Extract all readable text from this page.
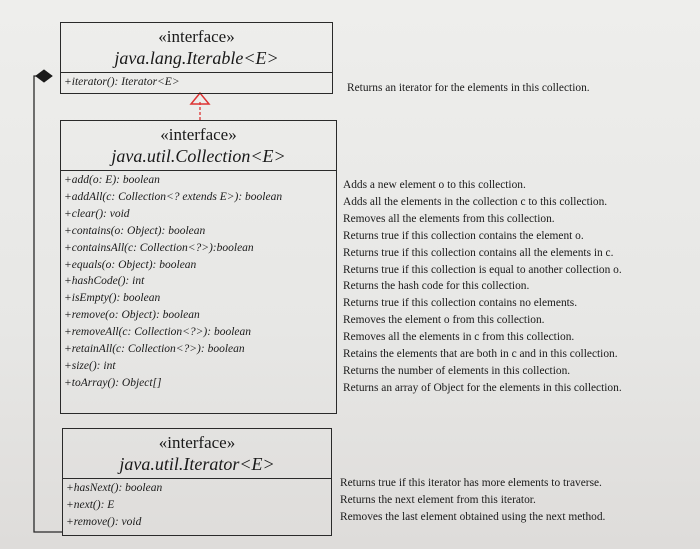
«interface»
java.lang.Iterable<E>
+iterator(): Iterator<E>	Returns an iterator for the elements in this collection.
«interface»
java.util.Collection<E>
+add(o: E): boolean
+addAll(c: Collection<? extends E>): boolean
+clear(): void
+contains(o: Object): boolean
+containsAll(c: Collection<?>):boolean
+equals(o: Object): boolean
+hashCode(): int
+isEmpty(): boolean
+remove(o: Object): boolean
+removeAll(c: Collection<?>): boolean
+retainAll(c: Collection<?>): boolean
+size(): int
+toArray(): Object[]
Adds a new element o to this collection.
Adds all the elements in the collection c to this collection.
Removes all the elements from this collection.
Returns true if this collection contains the element o.
Returns true if this collection contains all the elements in c.
Returns true if this collection is equal to another collection o.
Returns the hash code for this collection.
Returns true if this collection contains no elements.
Removes the element o from this collection.
Removes all the elements in c from this collection.
Retains the elements that are both in c and in this collection.
Returns the number of elements in this collection.
Returns an array of Object for the elements in this collection.
«interface»
java.util.Iterator<E>
+hasNext(): boolean
+next(): E
+remove(): void
Returns true if this iterator has more elements to traverse.
Returns the next element from this iterator.
Removes the last element obtained using the next method.
